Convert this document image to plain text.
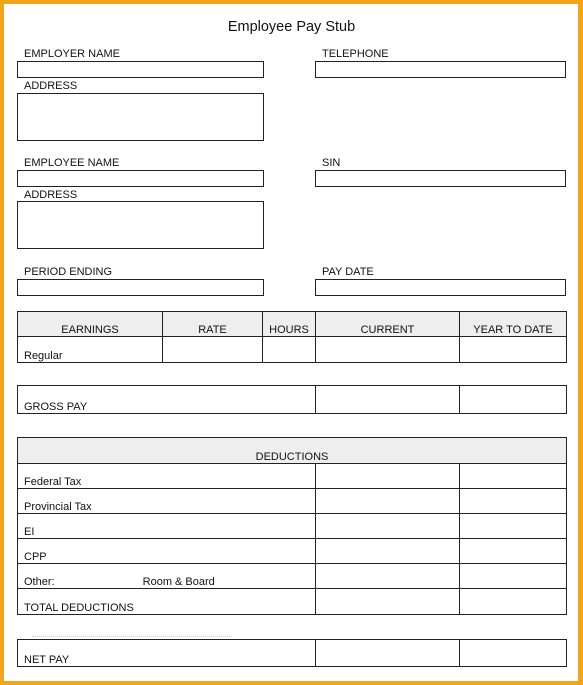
Employee Pay Stub
EMPLOYER NAME	TELEPHONE
ADDRESS
EMPLOYEE NAME	SIN
ADDRESS
PERIOD ENDING	PAY DATE
EARNINGS	RATE	HOURS	CURRENT	YEAR TO DATE
Regular				
GROSS PAY		
DEDUCTIONS		
Federal Tax		
Provincial Tax		
EI		
CPP		
Other: Room & Board		
TOTAL DEDUCTIONS		
NET PAY		
